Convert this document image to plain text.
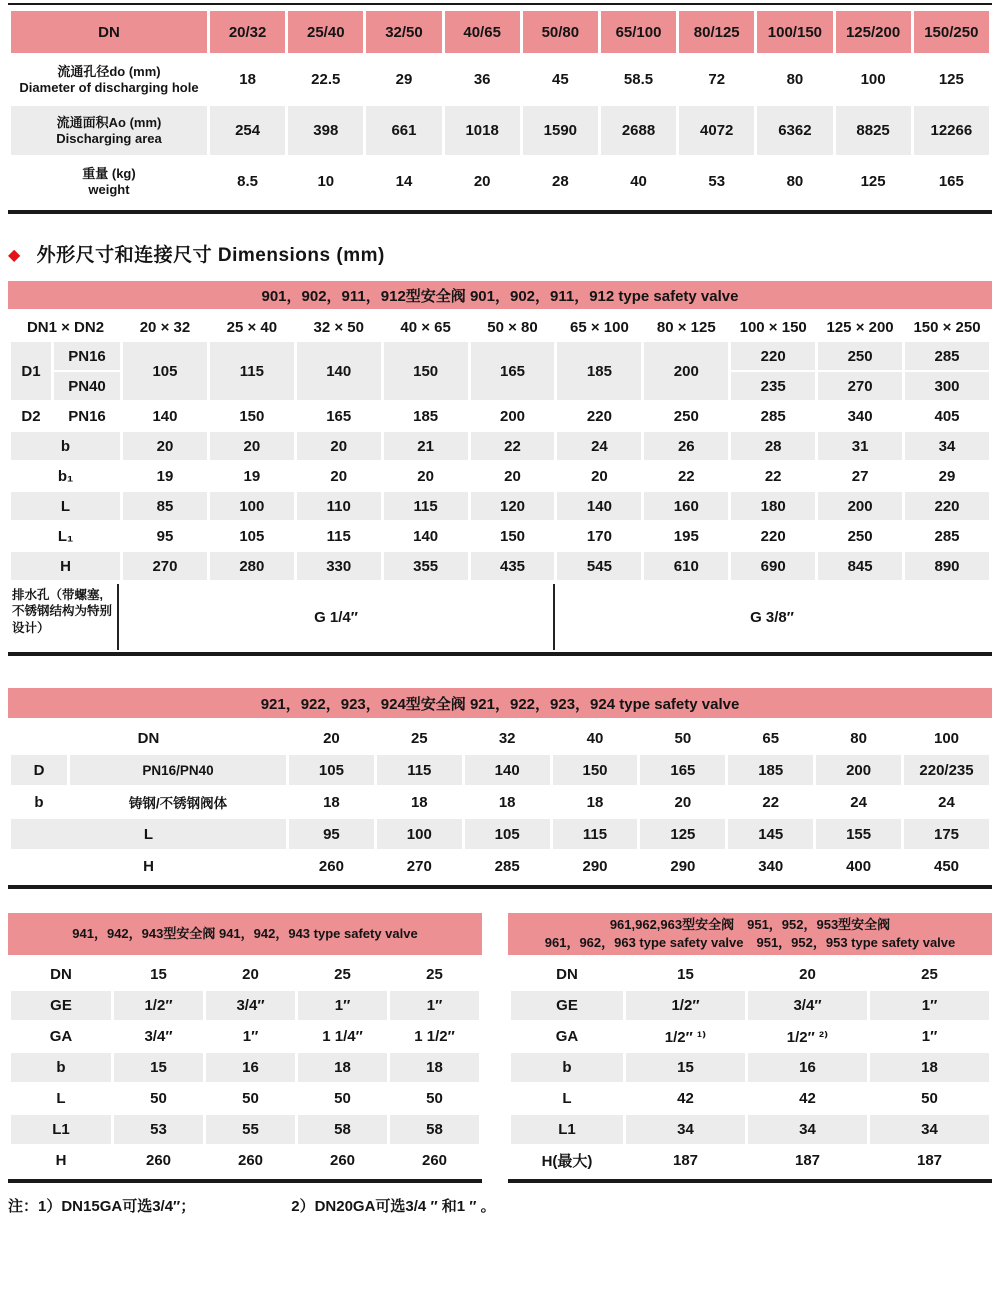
DN	20/32	25/40	32/50	40/65	50/80	65/100	80/125	100/150	125/200	150/250

流通孔径do (mm)
Diameter of discharging hole	18	22.5	29	36	45	58.5	72	80	100	125

流通面积Ao (mm)
Discharging area	254	398	661	1018	1590	2688	4072	6362	8825	12266

重量 (kg)
weight	8.5	10	14	20	28	40	53	80	125	165
◆ 外形尺寸和连接尺寸 Dimensions (mm)
901，902，911，912型安全阀 901，902，911，912 type safety valve
DN1 × DN2		20 × 32	25 × 40	32 × 50	40 × 65	50 × 80	65 × 100	80 × 125	100 × 150	125 × 200	150 × 250
D1	PN16	105	115	140	150	165	185	200	220	250	285
	PN40								235	270	300
D2	PN16	140	150	165	185	200	220	250	285	340	405
b		20	20	20	21	22	24	26	28	31	34
b₁		19	19	20	20	20	20	22	22	27	29
L		85	100	110	115	120	140	160	180	200	220
L₁		95	105	115	140	150	170	195	220	250	285
H		270	280	330	355	435	545	610	690	845	890
排水孔（带螺塞, 不锈钢结构为特别设计）
G 1/4″	G 3/8″
921，922，923，924型安全阀 921，922，923，924 type safety valve
DN		20	25	32	40	50	65	80	100
D	PN16/PN40	105	115	140	150	165	185	200	220/235
b	铸钢/不锈钢阀体	18	18	18	18	20	22	24	24
L		95	100	105	115	125	145	155	175
H		260	270	285	290	290	340	400	450
941，942，943型安全阀 941，942，943 type safety valve
DN	15	20	25	25
GE	1/2″	3/4″	1″	1″
GA	3/4″	1″	1 1/4″	1 1/2″
b	15	16	18	18
L	50	50	50	50
L1	53	55	58	58
H	260	260	260	260
961,962,963型安全阀　951，952，953型安全阀
961，962，963 type safety valve　951，952，953 type safety valve
DN	15	20	25
GE	1/2″	3/4″	1″
GA	1/2″ ¹⁾	1/2″ ²⁾	1″
b	15	16	18
L	42	42	50
L1	34	34	34
H(最大)	187	187	187
注：1）DN15GA可选3/4″；	2）DN20GA可选3/4 ″ 和1 ″ 。
